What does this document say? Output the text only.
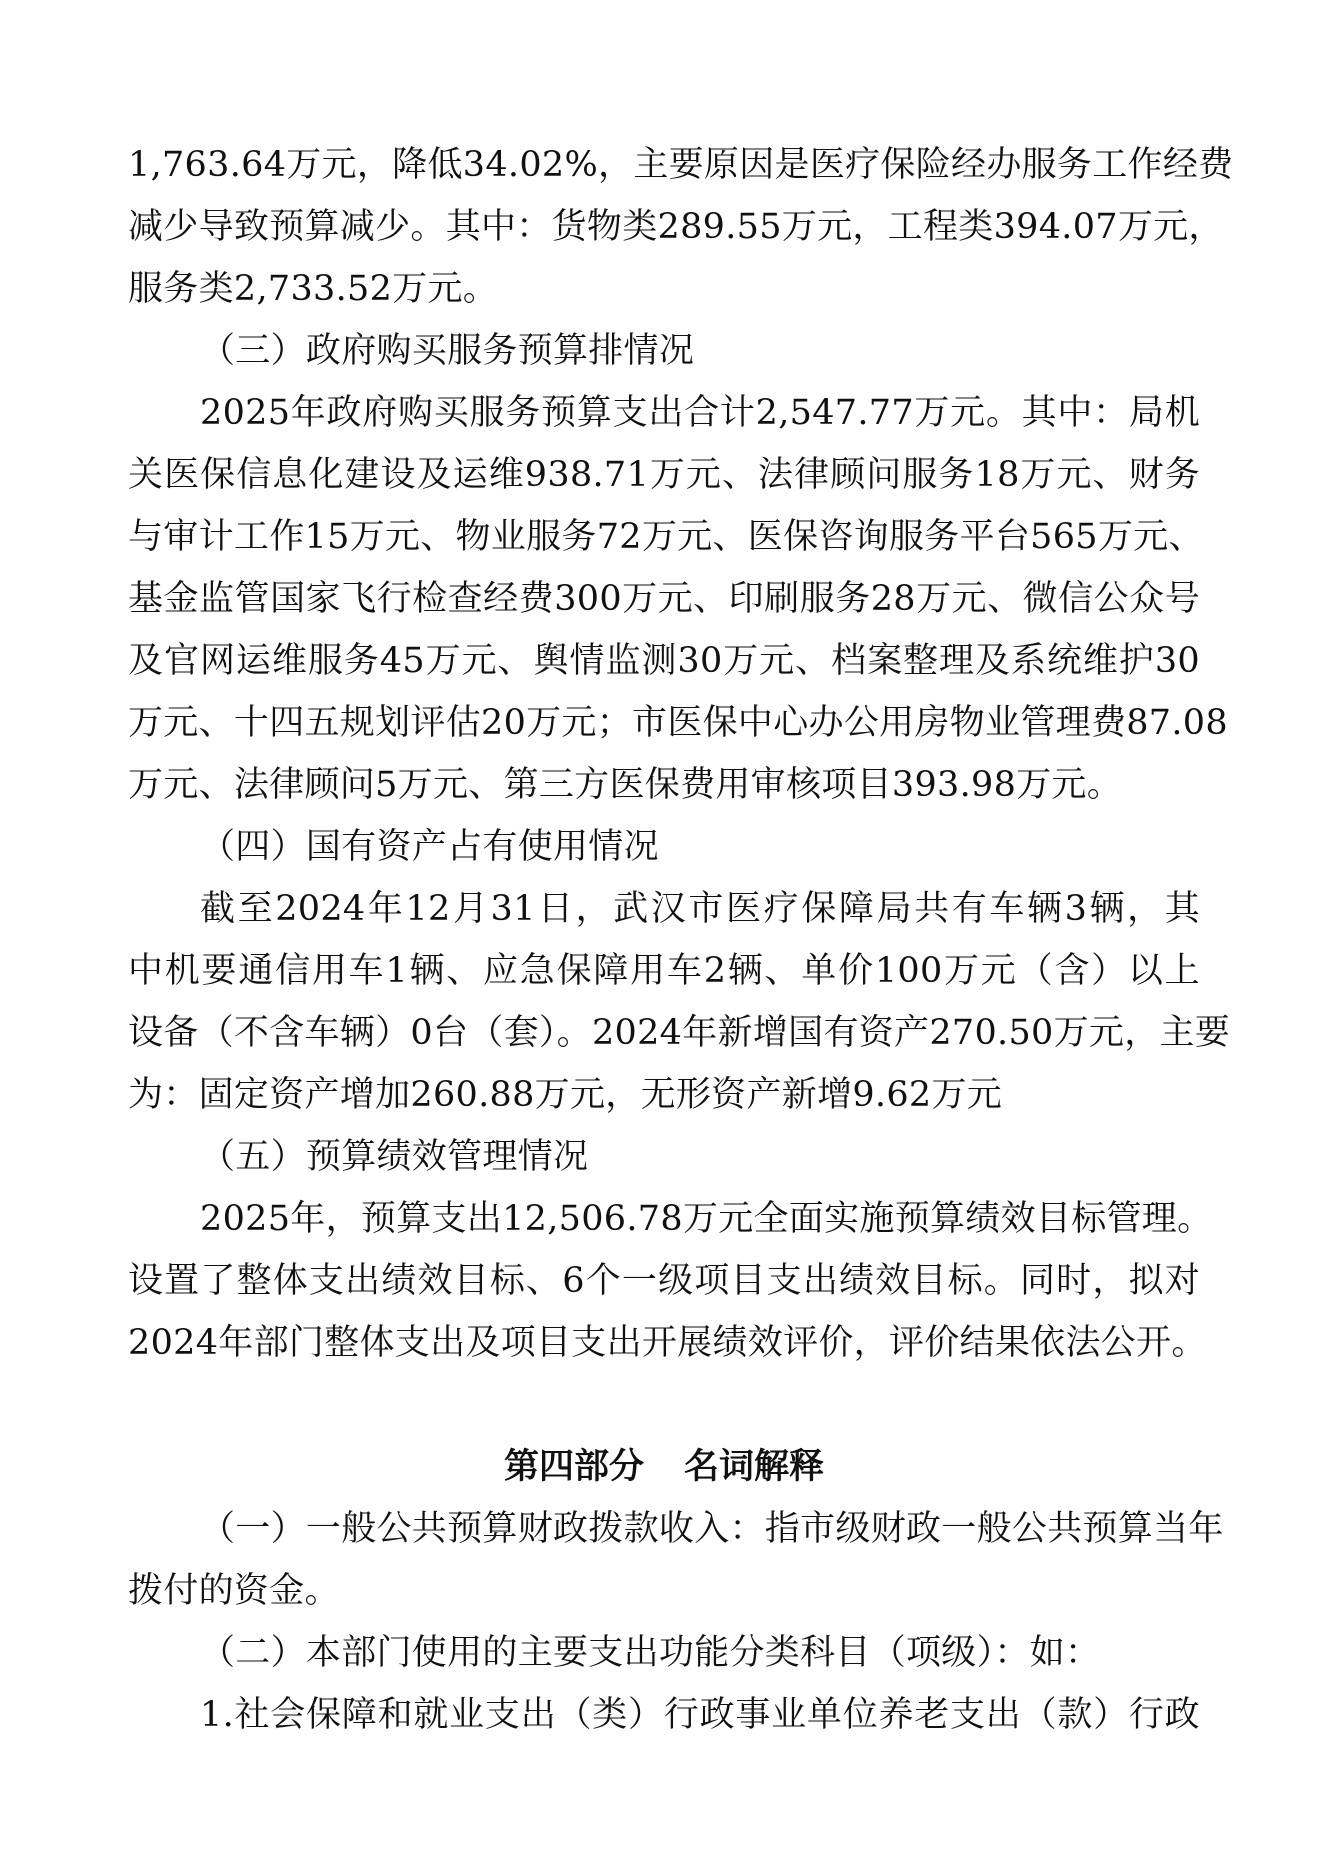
1,763.64万元，降低34.02%，主要原因是医疗保险经办服务工作经费
减少导致预算减少。其中：货物类289.55万元，工程类394.07万元，
服务类2,733.52万元。
（三）政府购买服务预算排情况
2025年政府购买服务预算支出合计2,547.77万元。其中：局机
关医保信息化建设及运维938.71万元、法律顾问服务18万元、财务
与审计工作15万元、物业服务72万元、医保咨询服务平台565万元、
基金监管国家飞行检查经费300万元、印刷服务28万元、微信公众号
及官网运维服务45万元、舆情监测30万元、档案整理及系统维护30
万元、十四五规划评估20万元；市医保中心办公用房物业管理费87.08
万元、法律顾问5万元、第三方医保费用审核项目393.98万元。
（四）国有资产占有使用情况
截至2024年12月31日，武汉市医疗保障局共有车辆3辆，其
中机要通信用车1辆、应急保障用车2辆、单价100万元（含）以上
设备（不含车辆）0台（套）。2024年新增国有资产270.50万元，主要
为：固定资产增加260.88万元，无形资产新增9.62万元
（五）预算绩效管理情况
2025年，预算支出12,506.78万元全面实施预算绩效目标管理。
设置了整体支出绩效目标、6个一级项目支出绩效目标。同时，拟对
2024年部门整体支出及项目支出开展绩效评价，评价结果依法公开。
第四部分 名词解释
（一）一般公共预算财政拨款收入：指市级财政一般公共预算当年
拨付的资金。
（二）本部门使用的主要支出功能分类科目（项级）：如：
1.社会保障和就业支出（类）行政事业单位养老支出（款）行政
